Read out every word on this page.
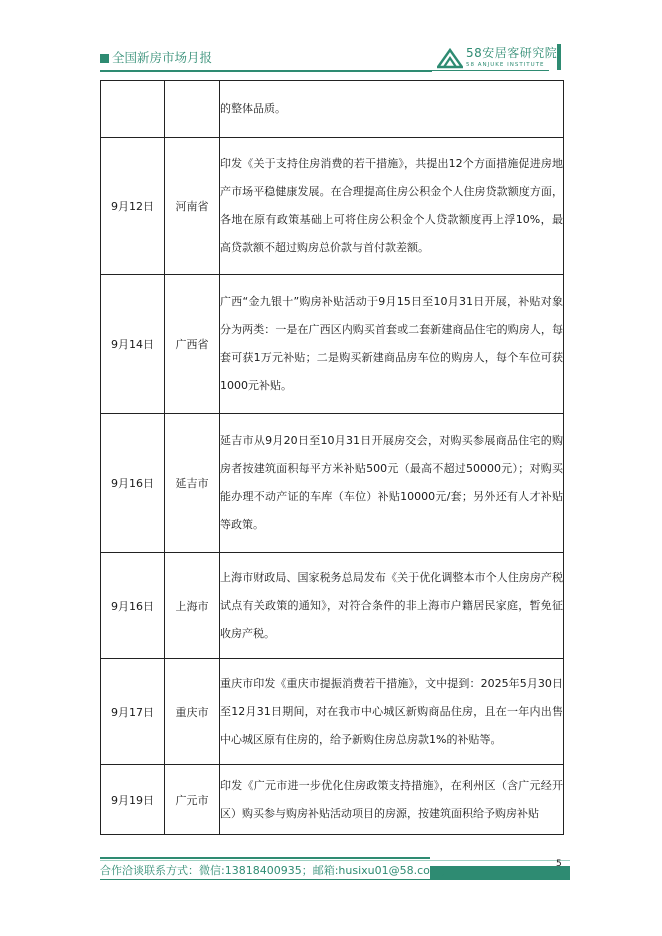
全国新房市场月报	58安居客研究院
58 ANJUKE INSTITUTE
		的整体品质。
9月12日	河南省	印发《关于支持住房消费的若干措施》，共提出12个方面措施促进房地产市场平稳健康发展。在合理提高住房公积金个人住房贷款额度方面，各地在原有政策基础上可将住房公积金个人贷款额度再上浮10%，最高贷款额不超过购房总价款与首付款差额。
9月14日	广西省	广西“金九银十”购房补贴活动于9月15日至10月31日开展，补贴对象分为两类：一是在广西区内购买首套或二套新建商品住宅的购房人，每套可获1万元补贴；二是购买新建商品房车位的购房人，每个车位可获1000元补贴。
9月16日	延吉市	延吉市从9月20日至10月31日开展房交会，对购买参展商品住宅的购房者按建筑面积每平方米补贴500元（最高不超过50000元）；对购买能办理不动产证的车库（车位）补贴10000元/套；另外还有人才补贴等政策。
9月16日	上海市	上海市财政局、国家税务总局发布《关于优化调整本市个人住房房产税试点有关政策的通知》，对符合条件的非上海市户籍居民家庭，暂免征收房产税。
9月17日	重庆市	重庆市印发《重庆市提振消费若干措施》，文中提到：2025年5月30日至12月31日期间，对在我市中心城区新购商品住房，且在一年内出售中心城区原有住房的，给予新购住房总房款1%的补贴等。
9月19日	广元市	印发《广元市进一步优化住房政策支持措施》，在利州区（含广元经开区）购买参与购房补贴活动项目的房源，按建筑面积给予购房补贴
合作洽谈联系方式：微信:13818400935；邮箱:husixu01@58.com；	5
